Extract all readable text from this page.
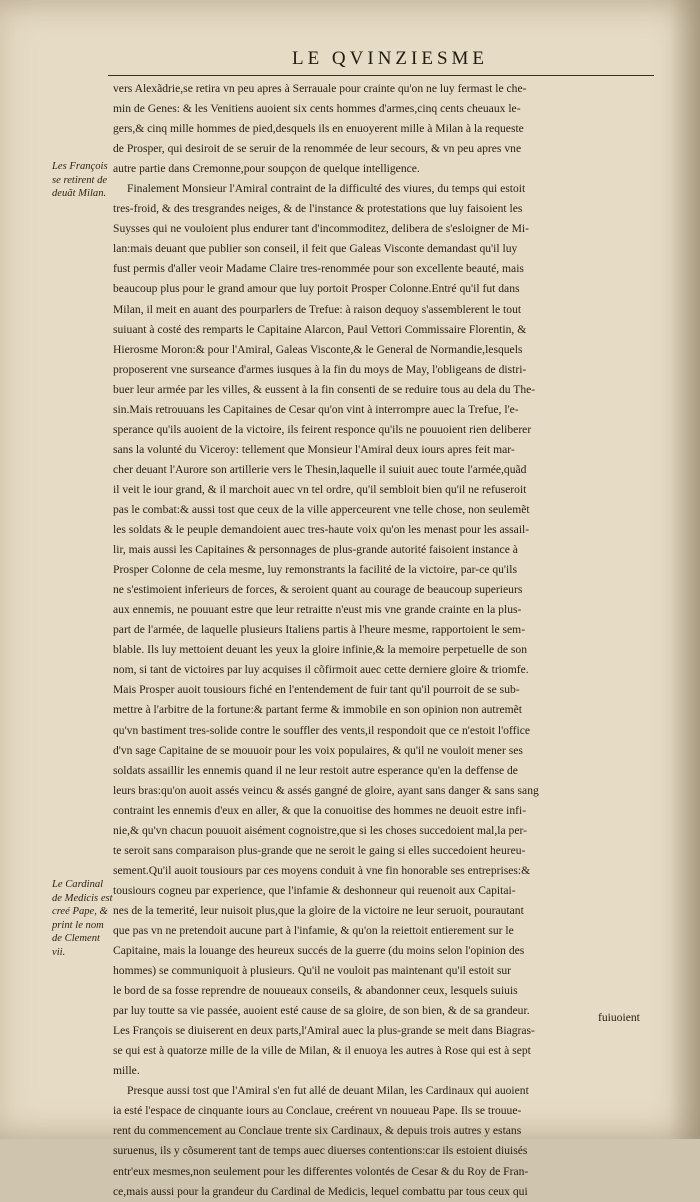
LE QVINZIESME
Les François se retirent de deuãt Milan.
Le Cardinal de Medicis est creé Pape, & print le nom de Clement vii.
vers Alexãdrie,se retira vn peu apres à Serrauale pour crainte qu'on ne luy fermast le che-
min de Genes: & les Venitiens auoient six cents hommes d'armes,cinq cents cheuaux le-
gers,& cinq mille hommes de pied,desquels ils en enuoyerent mille à Milan à la requeste
de Prosper, qui desiroit de se seruir de la renommée de leur secours, & vn peu apres vne
autre partie dans Cremonne,pour soupçon de quelque intelligence.
Finalement Monsieur l'Amiral contraint de la difficulté des viures, du temps qui estoit
tres-froid, & des tresgrandes neiges, & de l'instance & protestations que luy faisoient les
Suysses qui ne vouloient plus endurer tant d'incommoditez, delibera de s'esloigner de Mi-
lan:mais deuant que publier son conseil, il feit que Galeas Visconte demandast qu'il luy
fust permis d'aller veoir Madame Claire tres-renommée pour son excellente beauté, mais
beaucoup plus pour le grand amour que luy portoit Prosper Colonne.Entré qu'il fut dans
Milan, il meit en auant des pourparlers de Trefue: à raison dequoy s'assemblerent le tout
suiuant à costé des remparts le Capitaine Alarcon, Paul Vettori Commissaire Florentin, &
Hierosme Moron:& pour l'Amiral, Galeas Visconte,& le General de Normandie,lesquels
proposerent vne surseance d'armes iusques à la fin du moys de May, l'obligeans de distri-
buer leur armée par les villes, & eussent à la fin consenti de se reduire tous au dela du The-
sin.Mais retrouuans les Capitaines de Cesar qu'on vint à interrompre auec la Trefue, l'e-
sperance qu'ils auoient de la victoire, ils feirent responce qu'ils ne pouuoient rien deliberer
sans la volunté du Viceroy: tellement que Monsieur l'Amiral deux iours apres feit mar-
cher deuant l'Aurore son artillerie vers le Thesin,laquelle il suiuit auec toute l'armée,quãd
il veit le iour grand, & il marchoit auec vn tel ordre, qu'il sembloit bien qu'il ne refuseroit
pas le combat:& aussi tost que ceux de la ville apperceurent vne telle chose, non seulemẽt
les soldats & le peuple demandoient auec tres-haute voix qu'on les menast pour les assail-
lir, mais aussi les Capitaines & personnages de plus-grande autorité faisoient instance à
Prosper Colonne de cela mesme, luy remonstrants la facilité de la victoire, par-ce qu'ils
ne s'estimoient inferieurs de forces, & seroient quant au courage de beaucoup superieurs
aux ennemis, ne pouuant estre que leur retraitte n'eust mis vne grande crainte en la plus-
part de l'armée, de laquelle plusieurs Italiens partis à l'heure mesme, rapportoient le sem-
blable. Ils luy mettoient deuant les yeux la gloire infinie,& la memoire perpetuelle de son
nom, si tant de victoires par luy acquises il cõfirmoit auec cette derniere gloire & triomfe.
Mais Prosper auoit tousiours fiché en l'entendement de fuir tant qu'il pourroit de se sub-
mettre à l'arbitre de la fortune:& partant ferme & immobile en son opinion non autremẽt
qu'vn bastiment tres-solide contre le souffler des vents,il respondoit que ce n'estoit l'office
d'vn sage Capitaine de se mouuoir pour les voix populaires, & qu'il ne vouloit mener ses
soldats assaillir les ennemis quand il ne leur restoit autre esperance qu'en la deffense de
leurs bras:qu'on auoit assés veincu & assés gangné de gloire, ayant sans danger & sans sang
contraint les ennemis d'eux en aller, & que la conuoitise des hommes ne deuoit estre infi-
nie,& qu'vn chacun pouuoit aisément cognoistre,que si les choses succedoient mal,la per-
te seroit sans comparaison plus-grande que ne seroit le gaing si elles succedoient heureu-
sement.Qu'il auoit tousiours par ces moyens conduit à vne fin honorable ses entreprises:&
tousiours cogneu par experience, que l'infamie & deshonneur qui reuenoit aux Capitai-
nes de la temerité, leur nuisoit plus,que la gloire de la victoire ne leur seruoit, pourautant
que pas vn ne pretendoit aucune part à l'infamie, & qu'on la reiettoit entierement sur le
Capitaine, mais la louange des heureux succés de la guerre (du moins selon l'opinion des
hommes) se communiquoit à plusieurs. Qu'il ne vouloit pas maintenant qu'il estoit sur
le bord de sa fosse reprendre de nouueaux conseils, & abandonner ceux, lesquels suiuis
par luy toutte sa vie passée, auoient esté cause de sa gloire, de son bien, & de sa grandeur.
Les François se diuiserent en deux parts,l'Amiral auec la plus-grande se meit dans Biagras-
se qui est à quatorze mille de la ville de Milan, & il enuoya les autres à Rose qui est à sept
mille.
Presque aussi tost que l'Amiral s'en fut allé de deuant Milan, les Cardinaux qui auoient
ia esté l'espace de cinquante iours au Conclaue, creérent vn nouueau Pape. Ils se trouue-
rent du commencement au Conclaue trente six Cardinaux, & depuis trois autres y estans
suruenus, ils y cõsumerent tant de temps auec diuerses contentions:car ils estoient diuisés
entr'eux mesmes,non seulement pour les differentes volontés de Cesar & du Roy de Fran-
ce,mais aussi pour la grandeur du Cardinal de Medicis, lequel combattu par tous ceux qui
fuiuoient
